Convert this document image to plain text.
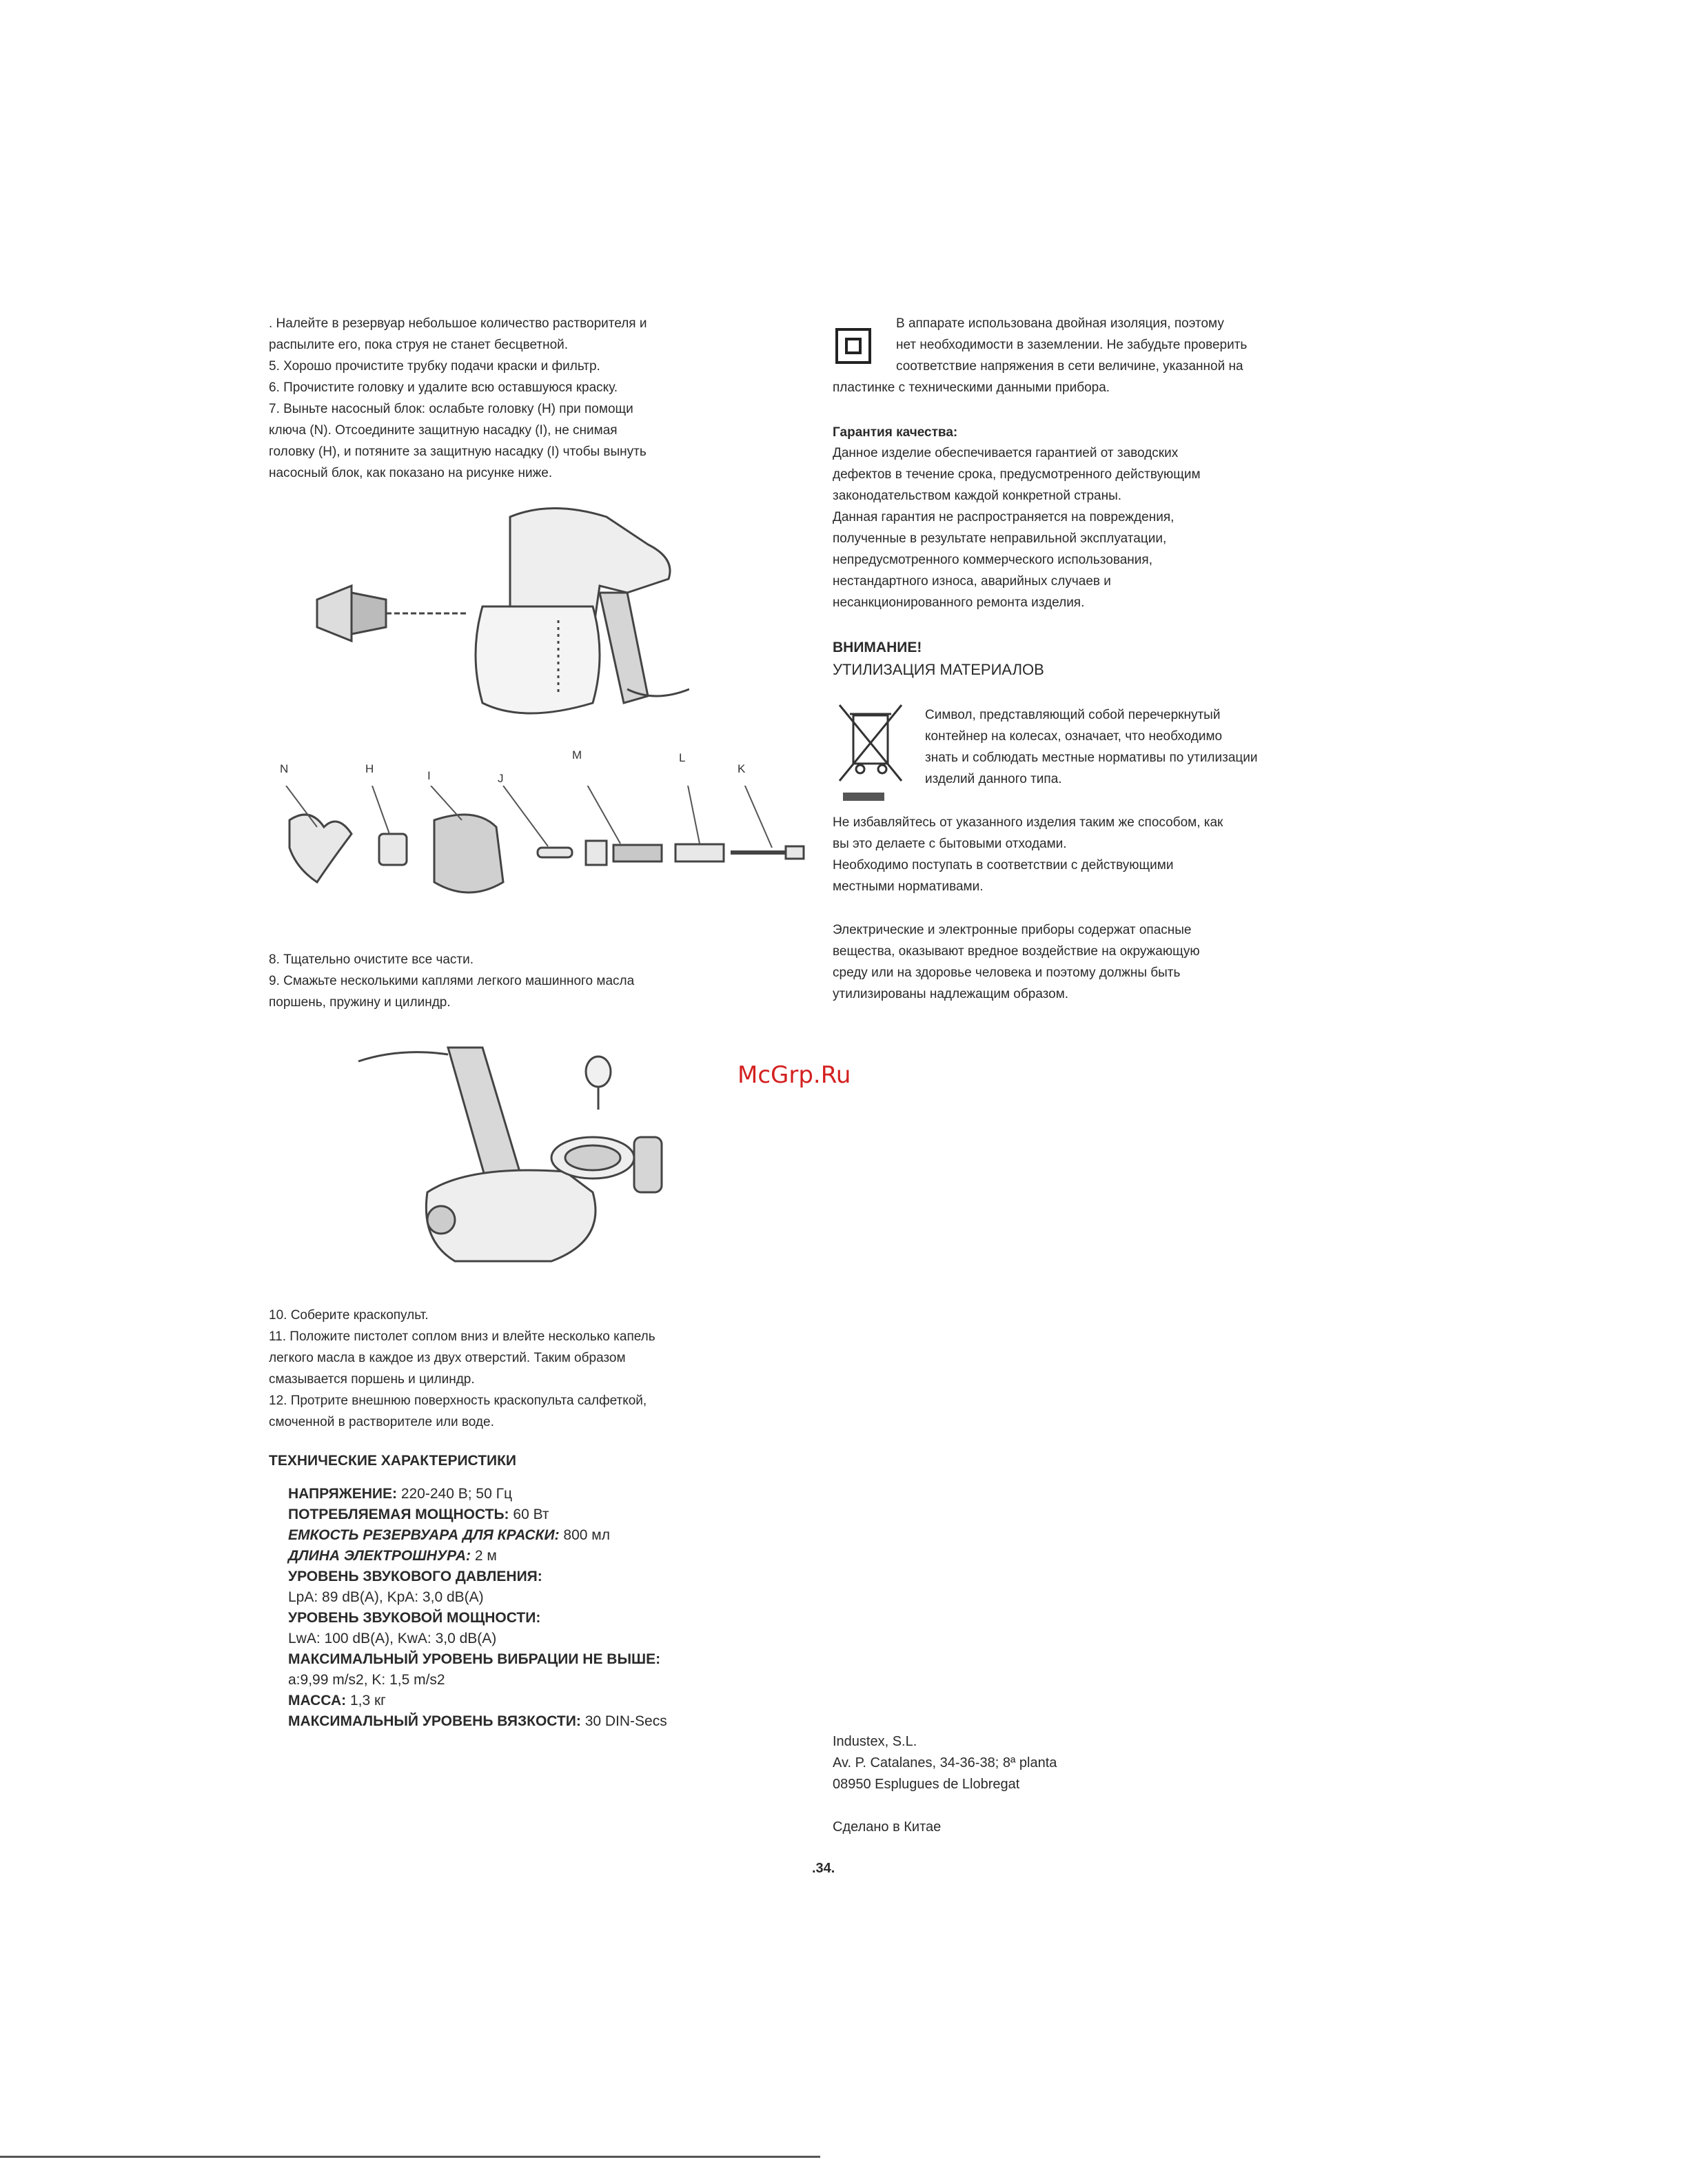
. Налейте в резервуар небольшое количество растворителя и

распылите его, пока струя не станет бесцветной.

5. Хорошо прочистите трубку подачи краски и фильтр.

6. Прочистите головку и удалите всю оставшуюся краску.

7. Выньте насосный блок: ослабьте головку (H) при помощи

ключа (N). Отсоедините защитную насадку (I), не снимая

головку (H), и потяните за защитную насадку (I) чтобы вынуть

насосный блок, как показано на рисунке ниже.

N	H
I	J
M	L
K

8. Тщательно очистите все части.

9. Смажьте несколькими каплями легкого машинного масла

поршень, пружину и цилиндр.

10. Соберите краскопульт.

11. Положите пистолет соплом вниз и влейте несколько капель

легкого масла в каждое из двух отверстий. Таким образом

смазывается поршень и цилиндр.

12. Протрите внешнюю поверхность краскопульта салфеткой,

смоченной в растворителе или воде.

ТЕХНИЧЕСКИЕ ХАРАКТЕРИСТИКИ
НАПРЯЖЕНИЕ: 220-240 В; 50 Гц
ПОТРЕБЛЯЕМАЯ МОЩНОСТЬ: 60 Вт
ЕМКОСТЬ РЕЗЕРВУАРА ДЛЯ КРАСКИ: 800 мл
ДЛИНА ЭЛЕКТРОШНУРА: 2 м
УРОВЕНЬ ЗВУКОВОГО ДАВЛЕНИЯ:
LpA: 89 dB(A), KpA: 3,0 dB(A)
УРОВЕНЬ ЗВУКОВОЙ МОЩНОСТИ:
LwA: 100 dB(A), KwA: 3,0 dB(A)
МАКСИМАЛЬНЫЙ УРОВЕНЬ ВИБРАЦИИ НЕ ВЫШЕ:
a:9,99 m/s2, K: 1,5 m/s2
МАССА: 1,3 кг
МАКСИМАЛЬНЫЙ УРОВЕНЬ ВЯЗКОСТИ: 30 DIN-Secs

В аппарате использована двойная изоляция, поэтому

нет необходимости в заземлении. Не забудьте проверить

соответствие напряжения в сети величине, указанной на

пластинке с техническими данными прибора.

Гарантия качества:

Данное изделие обеспечивается гарантией от заводских

дефектов в течение срока, предусмотренного действующим

законодательством каждой конкретной страны.

Данная гарантия не распространяется на повреждения,

полученные в результате неправильной эксплуатации,

непредусмотренного коммерческого использования,

нестандартного износа, аварийных случаев и

несанкционированного ремонта изделия.

ВНИМАНИЕ!
УТИЛИЗАЦИЯ МАТЕРИАЛОВ

Символ, представляющий собой перечеркнутый

контейнер на колесах, означает, что необходимо

знать и соблюдать местные нормативы по утилизации

изделий данного типа.

Не избавляйтесь от указанного изделия таким же способом, как

вы это делаете с бытовыми отходами.

Необходимо поступать в соответствии с действующими

местными нормативами.

Электрические и электронные приборы содержат опасные

вещества, оказывают вредное воздействие на окружающую

среду или на здоровье человека и поэтому должны быть

утилизированы надлежащим образом.

McGrp.Ru

Industex, S.L.

Av. P. Catalanes, 34-36-38; 8ª planta

08950 Esplugues de Llobregat

Сделано в Китае
.34.
